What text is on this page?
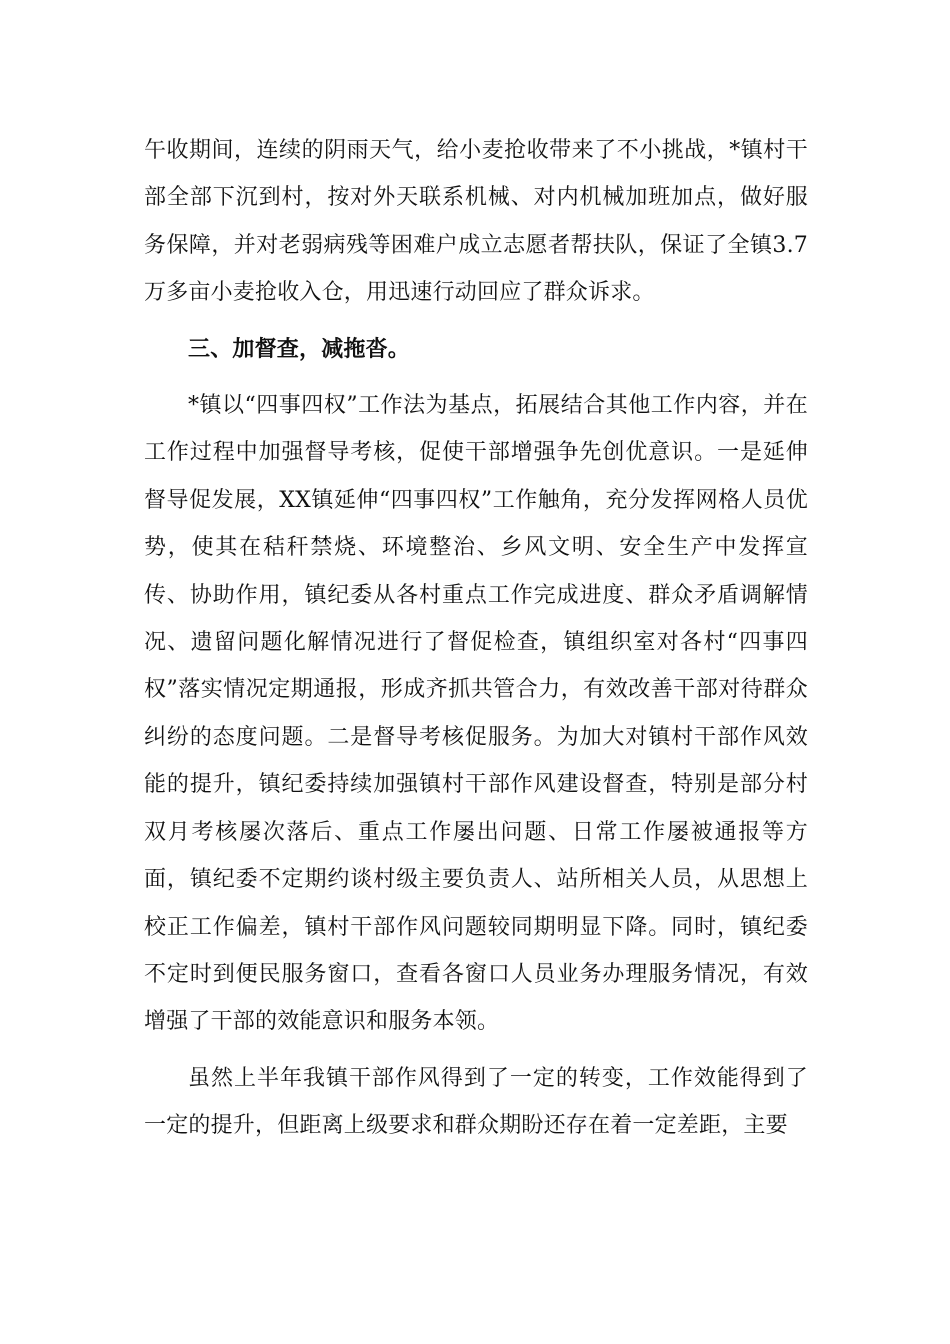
午收期间，连续的阴雨天气，给小麦抢收带来了不小挑战，*镇村干部全部下沉到村，按对外天联系机械、对内机械加班加点，做好服务保障，并对老弱病残等困难户成立志愿者帮扶队，保证了全镇3.7万多亩小麦抢收入仓，用迅速行动回应了群众诉求。

三、加督查，减拖沓。

*镇以“四事四权”工作法为基点，拓展结合其他工作内容，并在工作过程中加强督导考核，促使干部增强争先创优意识。一是延伸督导促发展，XX镇延伸“四事四权”工作触角，充分发挥网格人员优势，使其在秸秆禁烧、环境整治、乡风文明、安全生产中发挥宣传、协助作用，镇纪委从各村重点工作完成进度、群众矛盾调解情况、遗留问题化解情况进行了督促检查，镇组织室对各村“四事四权”落实情况定期通报，形成齐抓共管合力，有效改善干部对待群众纠纷的态度问题。二是督导考核促服务。为加大对镇村干部作风效能的提升，镇纪委持续加强镇村干部作风建设督查，特别是部分村双月考核屡次落后、重点工作屡出问题、日常工作屡被通报等方面，镇纪委不定期约谈村级主要负责人、站所相关人员，从思想上校正工作偏差，镇村干部作风问题较同期明显下降。同时，镇纪委不定时到便民服务窗口，查看各窗口人员业务办理服务情况，有效增强了干部的效能意识和服务本领。

虽然上半年我镇干部作风得到了一定的转变，工作效能得到了一定的提升，但距离上级要求和群众期盼还存在着一定差距，主要
